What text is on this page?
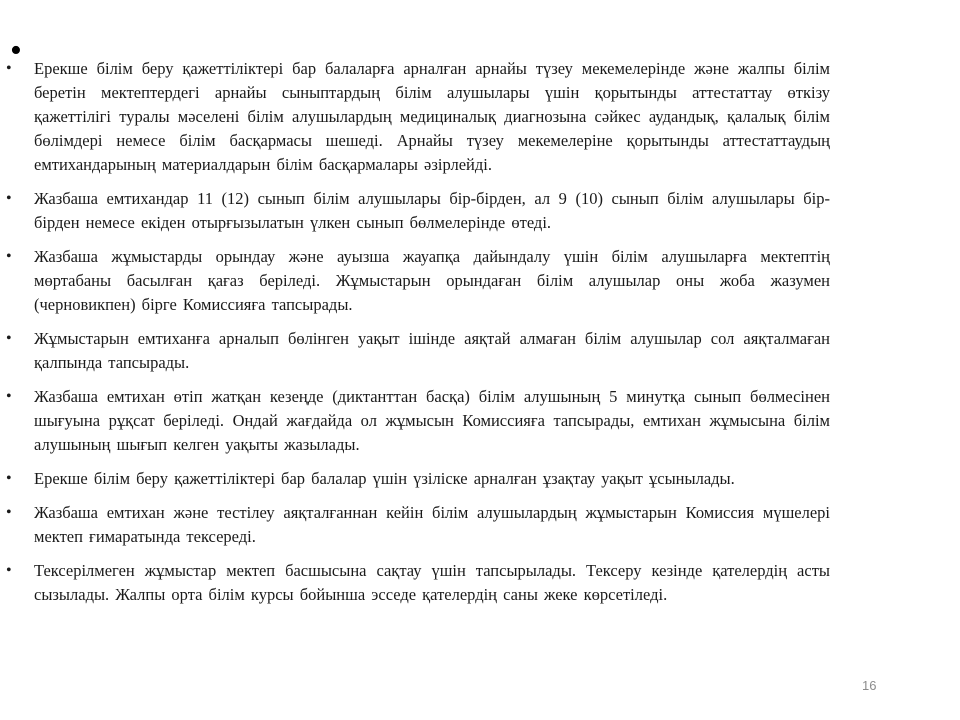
•
• Ерекше білім беру қажеттіліктері бар балаларға арналған арнайы түзеу мекемелерінде және жалпы білім беретін мектептердегі арнайы сыныптардың білім алушылары үшін қорытынды аттестаттау өткізу қажеттілігі туралы мәселені білім алушылардың медициналық диагнозына сәйкес аудандық, қалалық білім бөлімдері немесе білім басқармасы шешеді. Арнайы түзеу мекемелеріне қорытынды аттестаттаудың емтихандарының материалдарын білім басқармалары әзірлейді.
• Жазбаша емтихандар 11 (12) сынып білім алушылары бір-бірден, ал 9 (10) сынып білім алушылары бір-бірден немесе екіден отырғызылатын үлкен сынып бөлмелерінде өтеді.
• Жазбаша жұмыстарды орындау және ауызша жауапқа дайындалу үшін білім алушыларға мектептің мөртабаны басылған қағаз беріледі. Жұмыстарын орындаған білім алушылар оны жоба жазумен (черновикпен) бірге Комиссияға тапсырады.
• Жұмыстарын емтиханға арналып бөлінген уақыт ішінде аяқтай алмаған білім алушылар сол аяқталмаған қалпында тапсырады.
• Жазбаша емтихан өтіп жатқан кезеңде (диктанттан басқа) білім алушының 5 минутқа сынып бөлмесінен шығуына рұқсат беріледі. Ондай жағдайда ол жұмысын Комиссияға тапсырады, емтихан жұмысына білім алушының шығып келген уақыты жазылады.
• Ерекше білім беру қажеттіліктері бар балалар үшін үзіліске арналған ұзақтау уақыт ұсынылады.
• Жазбаша емтихан және тестілеу аяқталғаннан кейін білім алушылардың жұмыстарын Комиссия мүшелері мектеп ғимаратында тексереді.
• Тексерілмеген жұмыстар мектеп басшысына сақтау үшін тапсырылады. Тексеру кезінде қателердің асты сызылады. Жалпы орта білім курсы бойынша эсседе қателердің саны жеке көрсетіледі.
16
